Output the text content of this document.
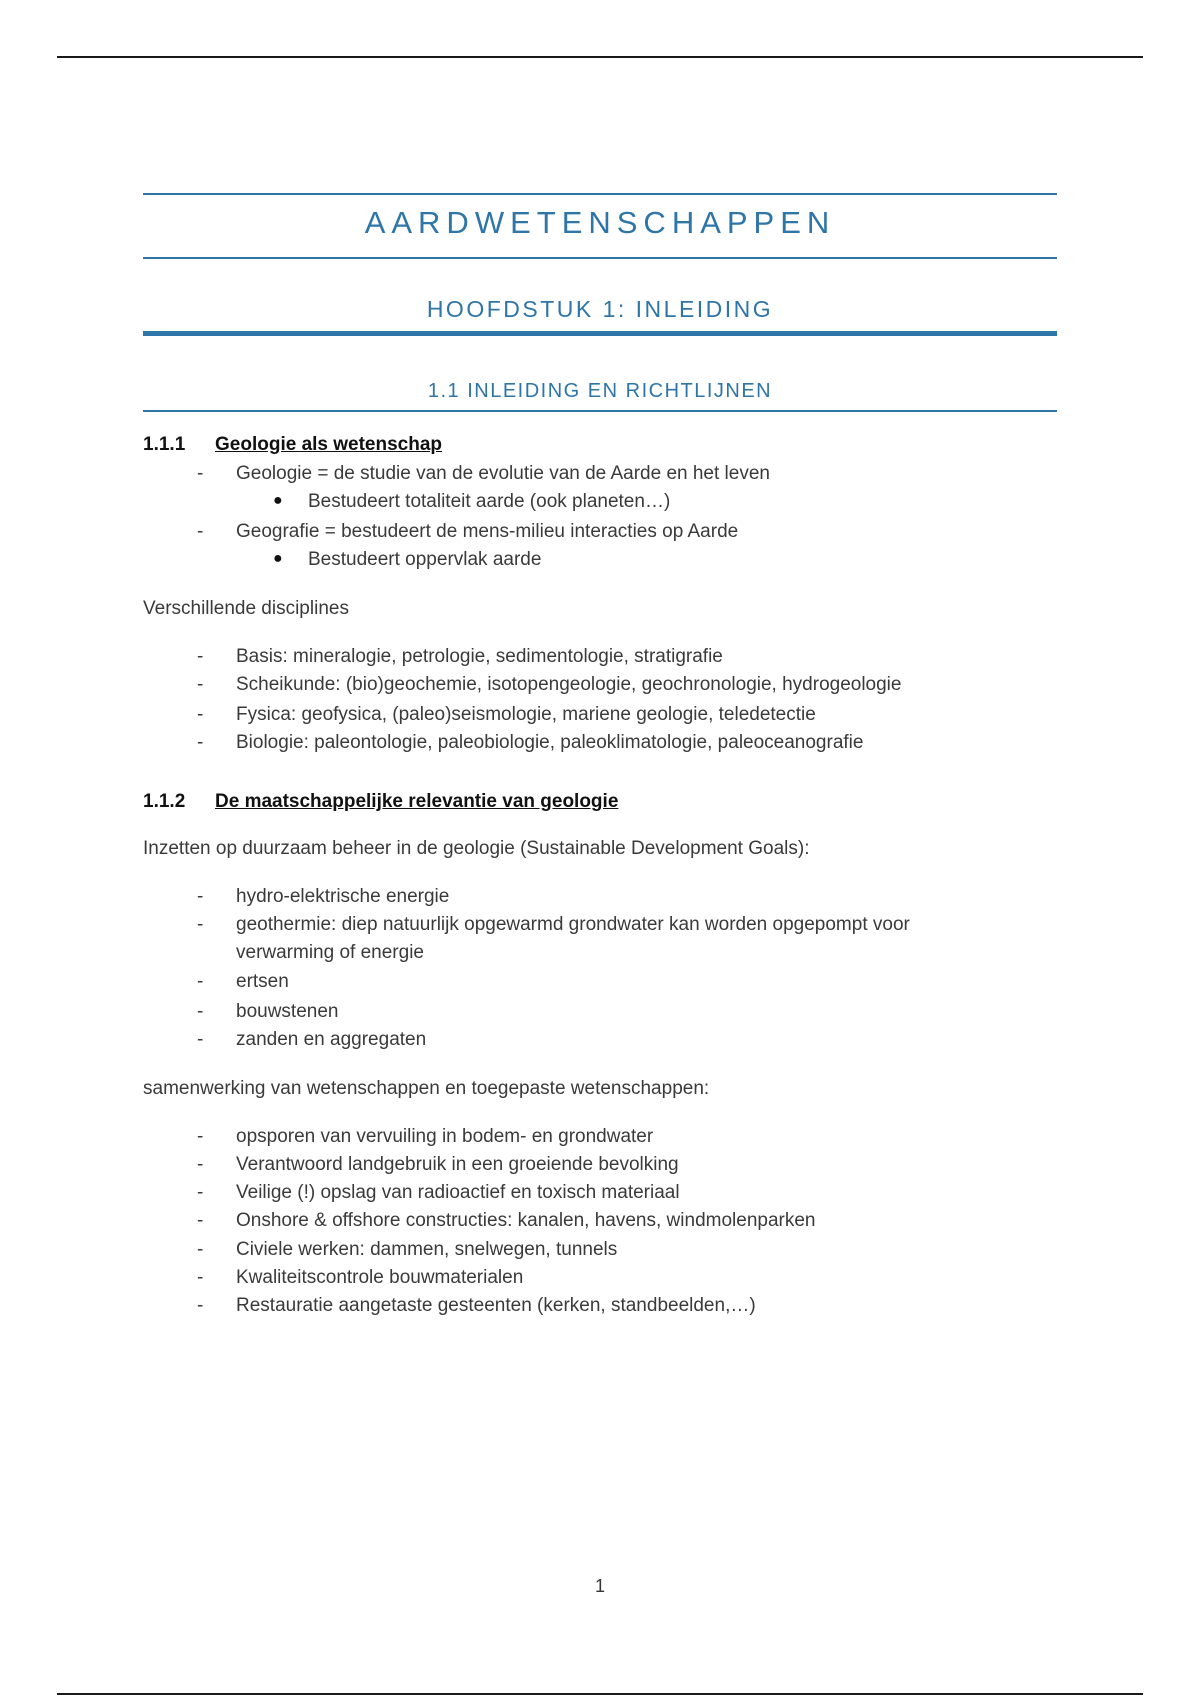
AARDWETENSCHAPPEN
HOOFDSTUK 1: INLEIDING
1.1 INLEIDING EN RICHTLIJNEN
1.1.1 Geologie als wetenschap
- Geologie = de studie van de evolutie van de Aarde en het leven
● Bestudeert totaliteit aarde (ook planeten…)
- Geografie = bestudeert de mens-milieu interacties op Aarde
● Bestudeert oppervlak aarde
Verschillende disciplines
- Basis: mineralogie, petrologie, sedimentologie, stratigrafie
- Scheikunde: (bio)geochemie, isotopengeologie, geochronologie, hydrogeologie
- Fysica: geofysica, (paleo)seismologie, mariene geologie, teledetectie
- Biologie: paleontologie, paleobiologie, paleoklimatologie, paleoceanografie
1.1.2 De maatschappelijke relevantie van geologie
Inzetten op duurzaam beheer in de geologie (Sustainable Development Goals):
- hydro-elektrische energie
- geothermie: diep natuurlijk opgewarmd grondwater kan worden opgepompt voor
verwarming of energie
- ertsen
- bouwstenen
- zanden en aggregaten
samenwerking van wetenschappen en toegepaste wetenschappen:
- opsporen van vervuiling in bodem- en grondwater
- Verantwoord landgebruik in een groeiende bevolking
- Veilige (!) opslag van radioactief en toxisch materiaal
- Onshore & offshore constructies: kanalen, havens, windmolenparken
- Civiele werken: dammen, snelwegen, tunnels
- Kwaliteitscontrole bouwmaterialen
- Restauratie aangetaste gesteenten (kerken, standbeelden,…)
1
